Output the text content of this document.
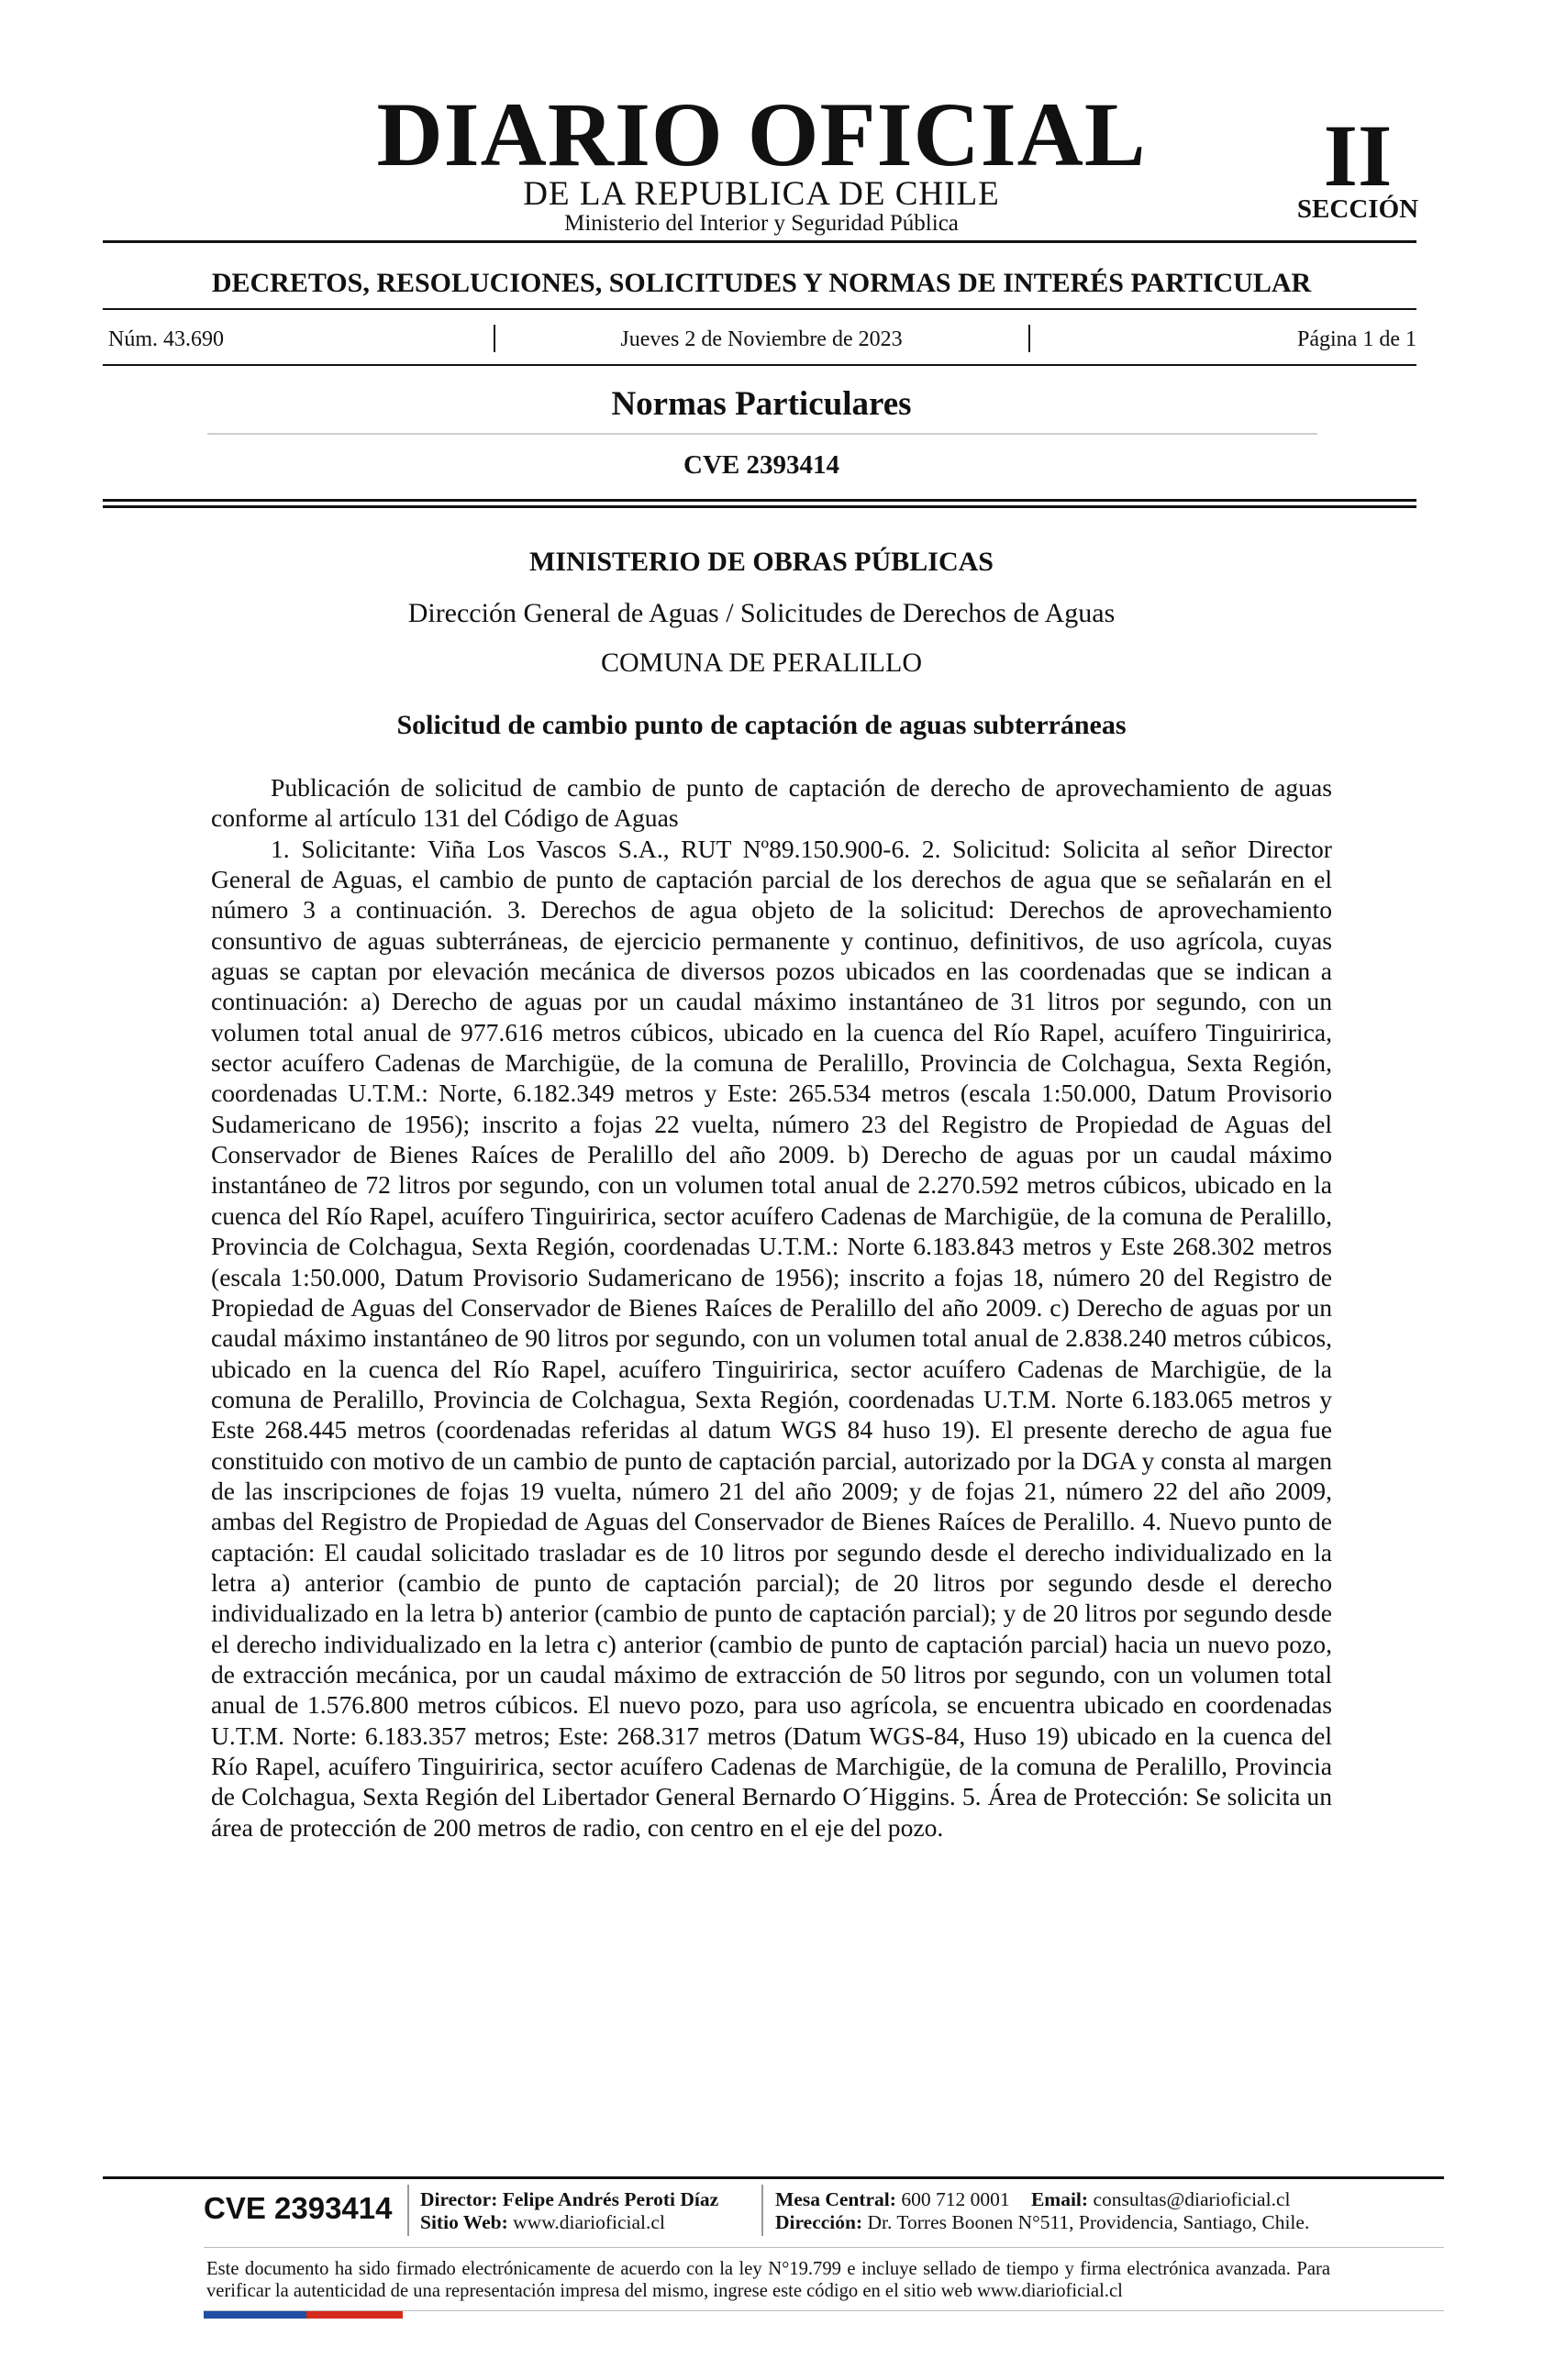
DIARIO OFICIAL
DE LA REPUBLICA DE CHILE
Ministerio del Interior y Seguridad Pública
II
SECCIÓN
DECRETOS, RESOLUCIONES, SOLICITUDES Y NORMAS DE INTERÉS PARTICULAR
Núm. 43.690	Jueves 2 de Noviembre de 2023	Página 1 de 1
Normas Particulares
CVE 2393414
MINISTERIO DE OBRAS PÚBLICAS
Dirección General de Aguas / Solicitudes de Derechos de Aguas
COMUNA DE PERALILLO
Solicitud de cambio punto de captación de aguas subterráneas

Publicación de solicitud de cambio de punto de captación de derecho de aprovechamiento de aguas conforme al artículo 131 del Código de Aguas

1. Solicitante: Viña Los Vascos S.A., RUT Nº89.150.900-6. 2. Solicitud: Solicita al señor Director General de Aguas, el cambio de punto de captación parcial de los derechos de agua que se señalarán en el número 3 a continuación. 3. Derechos de agua objeto de la solicitud: Derechos de aprovechamiento consuntivo de aguas subterráneas, de ejercicio permanente y continuo, definitivos, de uso agrícola, cuyas aguas se captan por elevación mecánica de diversos pozos ubicados en las coordenadas que se indican a continuación: a) Derecho de aguas por un caudal máximo instantáneo de 31 litros por segundo, con un volumen total anual de 977.616 metros cúbicos, ubicado en la cuenca del Río Rapel, acuífero Tinguiririca, sector acuífero Cadenas de Marchigüe, de la comuna de Peralillo, Provincia de Colchagua, Sexta Región, coordenadas U.T.M.: Norte, 6.182.349 metros y Este: 265.534 metros (escala 1:50.000, Datum Provisorio Sudamericano de 1956); inscrito a fojas 22 vuelta, número 23 del Registro de Propiedad de Aguas del Conservador de Bienes Raíces de Peralillo del año 2009. b) Derecho de aguas por un caudal máximo instantáneo de 72 litros por segundo, con un volumen total anual de 2.270.592 metros cúbicos, ubicado en la cuenca del Río Rapel, acuífero Tinguiririca, sector acuífero Cadenas de Marchigüe, de la comuna de Peralillo, Provincia de Colchagua, Sexta Región, coordenadas U.T.M.: Norte 6.183.843 metros y Este 268.302 metros (escala 1:50.000, Datum Provisorio Sudamericano de 1956); inscrito a fojas 18, número 20 del Registro de Propiedad de Aguas del Conservador de Bienes Raíces de Peralillo del año 2009. c) Derecho de aguas por un caudal máximo instantáneo de 90 litros por segundo, con un volumen total anual de 2.838.240 metros cúbicos, ubicado en la cuenca del Río Rapel, acuífero Tinguiririca, sector acuífero Cadenas de Marchigüe, de la comuna de Peralillo, Provincia de Colchagua, Sexta Región, coordenadas U.T.M. Norte 6.183.065 metros y Este 268.445 metros (coordenadas referidas al datum WGS 84 huso 19). El presente derecho de agua fue constituido con motivo de un cambio de punto de captación parcial, autorizado por la DGA y consta al margen de las inscripciones de fojas 19 vuelta, número 21 del año 2009; y de fojas 21, número 22 del año 2009, ambas del Registro de Propiedad de Aguas del Conservador de Bienes Raíces de Peralillo. 4. Nuevo punto de captación: El caudal solicitado trasladar es de 10 litros por segundo desde el derecho individualizado en la letra a) anterior (cambio de punto de captación parcial); de 20 litros por segundo desde el derecho individualizado en la letra b) anterior (cambio de punto de captación parcial); y de 20 litros por segundo desde el derecho individualizado en la letra c) anterior (cambio de punto de captación parcial) hacia un nuevo pozo, de extracción mecánica, por un caudal máximo de extracción de 50 litros por segundo, con un volumen total anual de 1.576.800 metros cúbicos. El nuevo pozo, para uso agrícola, se encuentra ubicado en coordenadas U.T.M. Norte: 6.183.357 metros; Este: 268.317 metros (Datum WGS-84, Huso 19) ubicado en la cuenca del Río Rapel, acuífero Tinguiririca, sector acuífero Cadenas de Marchigüe, de la comuna de Peralillo, Provincia de Colchagua, Sexta Región del Libertador General Bernardo O´Higgins. 5. Área de Protección: Se solicita un área de protección de 200 metros de radio, con centro en el eje del pozo.

CVE 2393414 Director: Felipe Andrés Peroti Díaz
Sitio Web: www.diarioficial.cl
Mesa Central: 600 712 0001 Email: consultas@diarioficial.cl
Dirección: Dr. Torres Boonen N°511, Providencia, Santiago, Chile.
Este documento ha sido firmado electrónicamente de acuerdo con la ley N°19.799 e incluye sellado de tiempo y firma electrónica avanzada. Para verificar la autenticidad de una representación impresa del mismo, ingrese este código en el sitio web www.diarioficial.cl
